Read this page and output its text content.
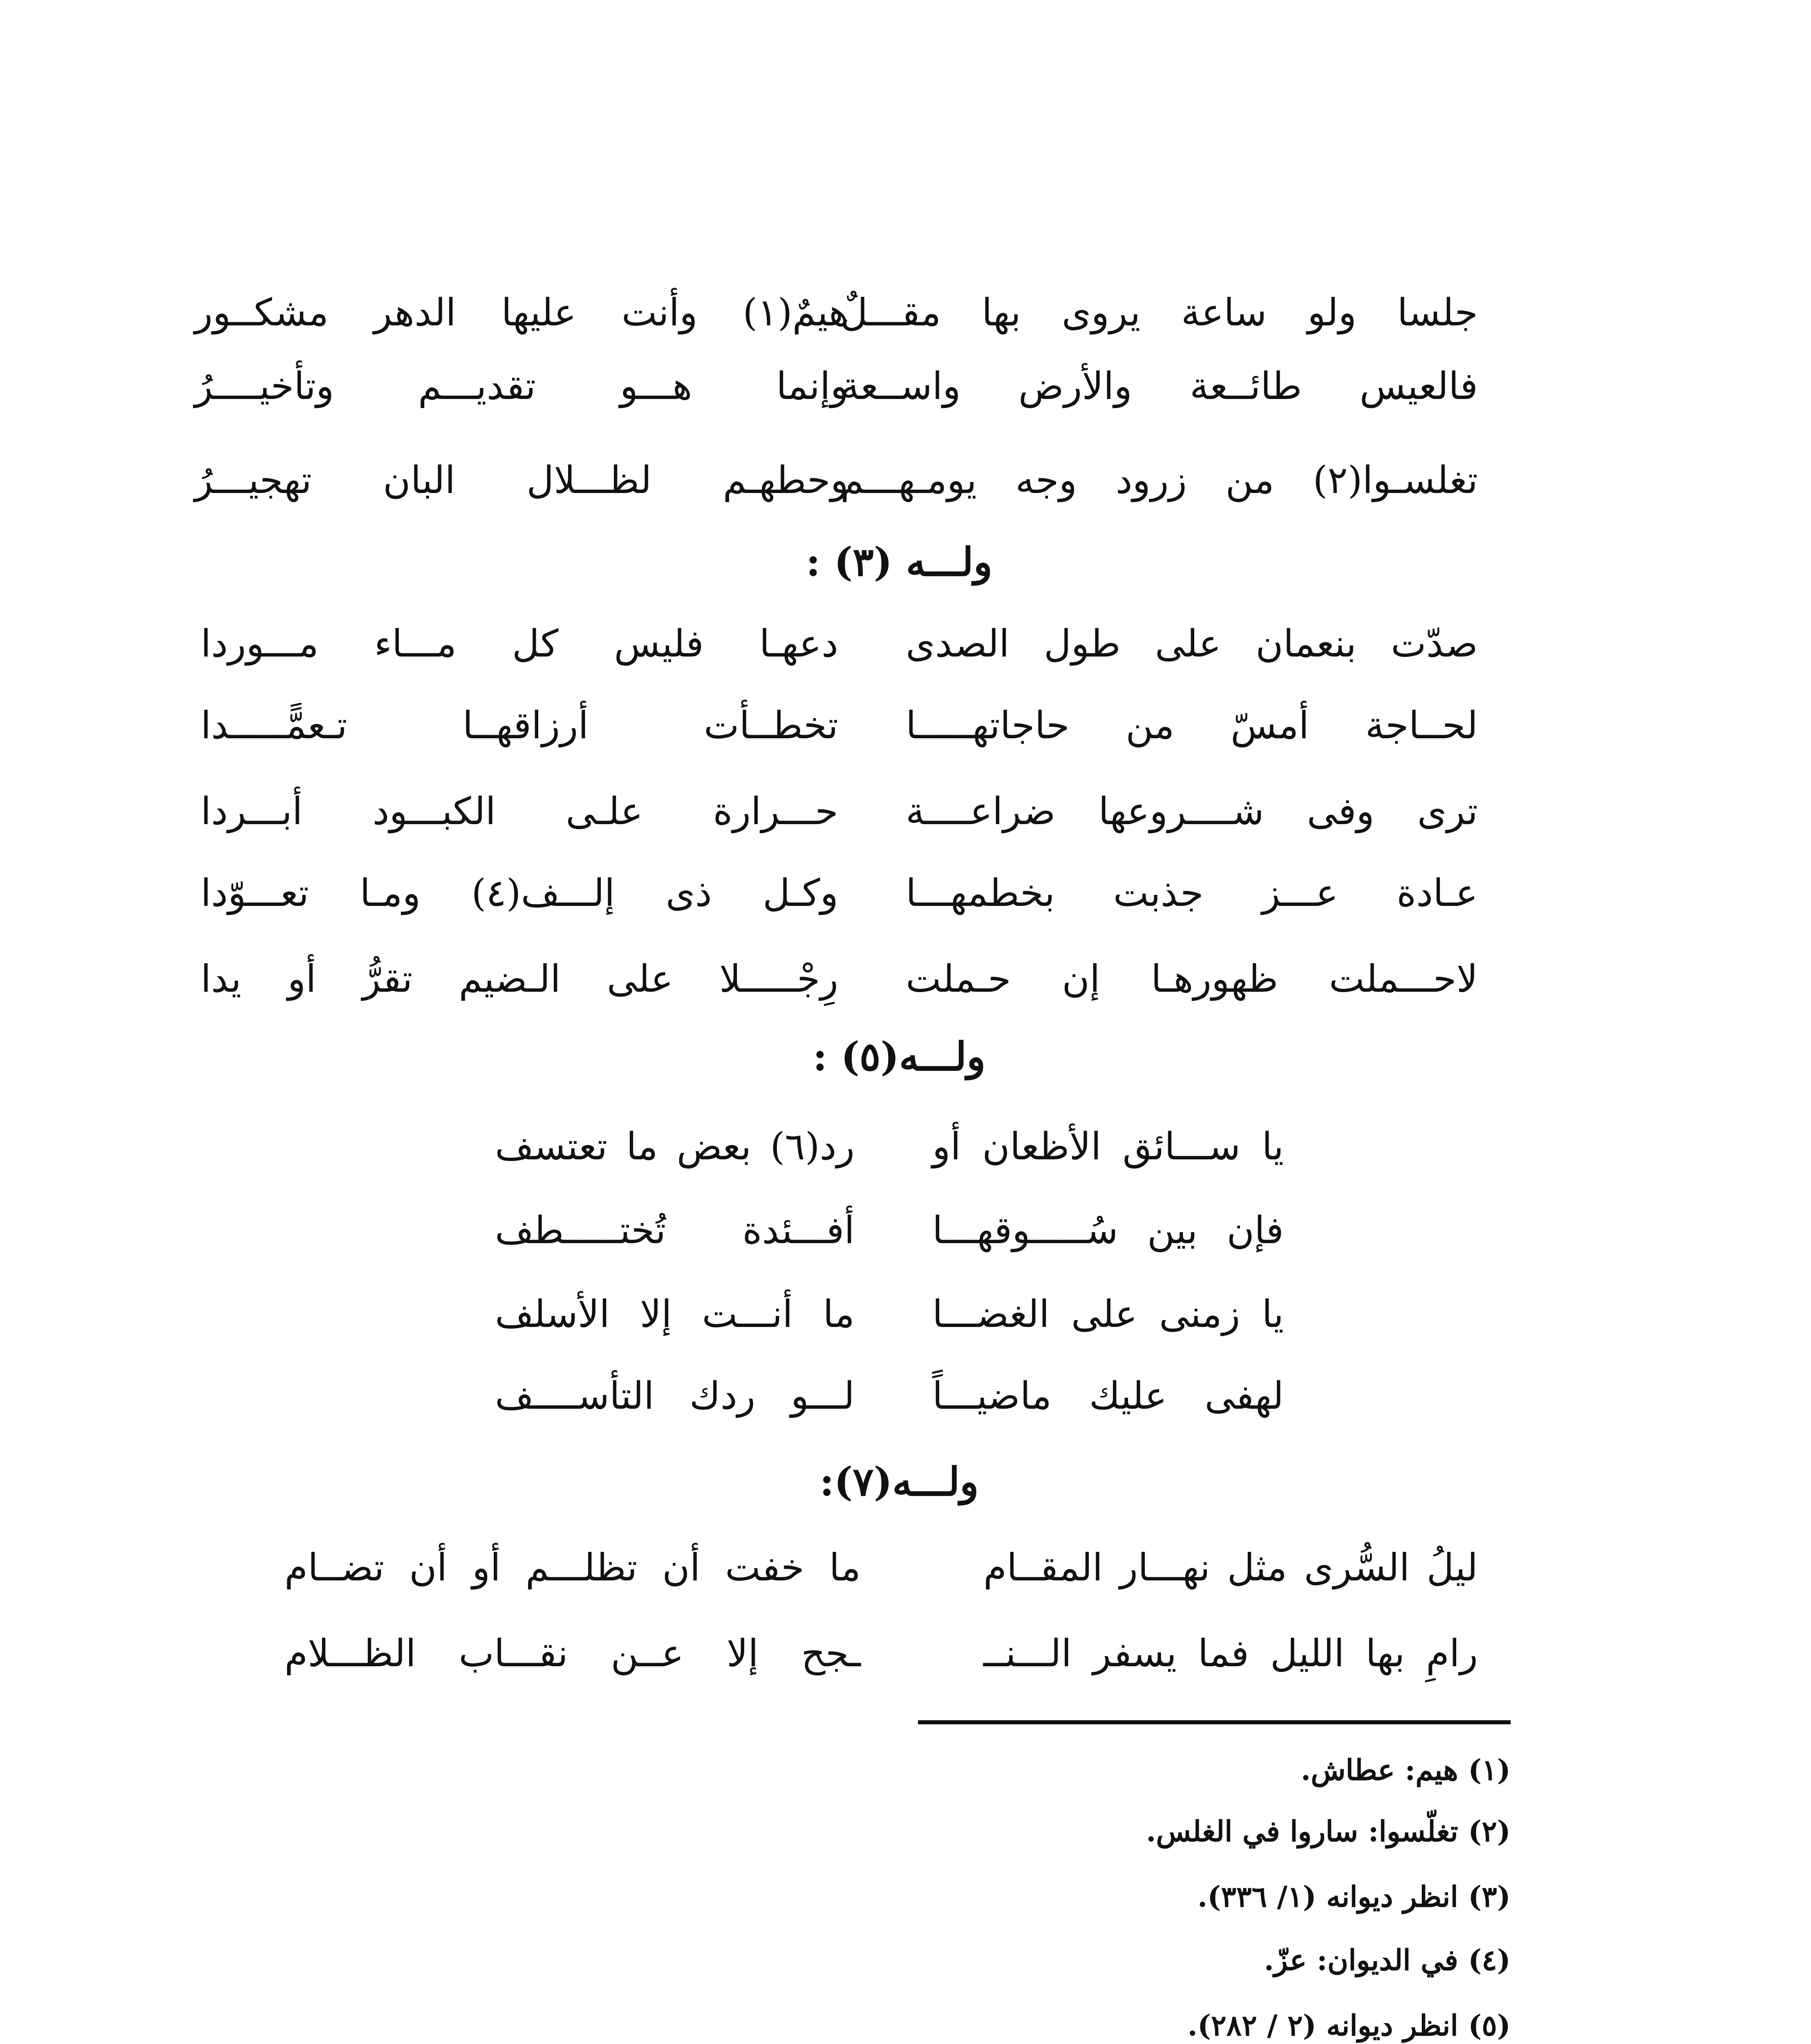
جلسا ولو ساعة يروى بها مقـــلٌ
هيمٌ(١) وأنت عليها الدهر مشكــور
فالعيس طائــعة والأرض واســعة
وإنما هـــو تقديـــم وتأخيــــرُ
تغلسـوا(٢) من زرود وجه يومـهـــم
وحطهـم لظـــلال البان تهجيـــرُ
ولـــه (٣) :
صدّت بنعمان على طول الصدى
دعهـا فليس كل مـــاء مـــوردا
لحــاجة أمسّ من حاجاتهـــــا
تخطــأت أرزاقهــا تـعمًّـــــدا
ترى وفى شــــروعها ضراعــــة
حـــرارة علـى الكبـــود أبـــردا
عـادة عـــز جذبت بخطمهـــا
وكـل ذى إلـــف(٤) ومـا تعـــوّدا
لاحـــملت ظهورهـا إن حـملت
رِجْـــــلا على الـضيم تقرُّ أو يدا
ولـــه(٥) :
يا ســـائق الأظعان أو
رد(٦) بعض ما تعتسف
فإن بين سُـــــوقهـــا
أفـــئدة تُختـــــطف
يا زمنى على الغضـــا
ما أنـــت إلا الأسلف
لهفى عليك ماضيـــاً
لـــو ردك التأســــف
ولـــه(٧):
ليلُ السُّرى مثل نهـــار المقــام
ما خفت أن تظلـــم أو أن تضــام
رامِ بها الليل فما يسفر الـــنــ
ـجح إلا عــن نقـــاب الظـــلام
(١) هيم: عطاش.
(٢) تغلّسوا: ساروا في الغلس.
(٣) انظر ديوانه (١/ ٣٣٦).
(٤) في الديوان: عزّ.
(٥) انظر ديوانه (٢ / ٢٨٢).
